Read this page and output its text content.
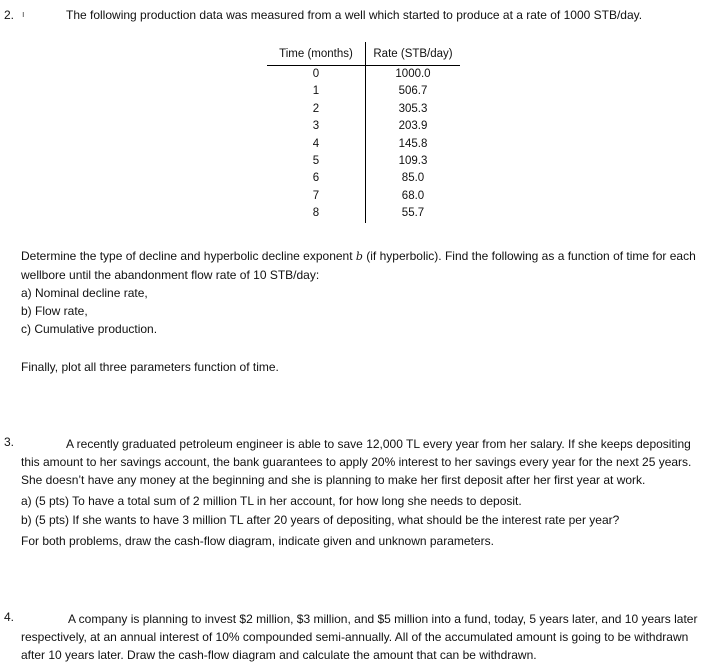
2. ı	The following production data was measured from a well which started to produce at a rate of 1000 STB/day.
Time (months)	Rate (STB/day)
0	1000.0
1	506.7
2	305.3
3	203.9
4	145.8
5	109.3
6	85.0
7	68.0
8	55.7
Determine the type of decline and hyperbolic decline exponent b (if hyperbolic). Find the following as a function of time for each
wellbore until the abandonment flow rate of 10 STB/day:
a) Nominal decline rate,
b) Flow rate,
c) Cumulative production.
Finally, plot all three parameters function of time.
3.	A recently graduated petroleum engineer is able to save 12,000 TL every year from her salary. If she keeps depositing
this amount to her savings account, the bank guarantees to apply 20% interest to her savings every year for the next 25 years.
She doesn’t have any money at the beginning and she is planning to make her first deposit after her first year at work.
a) (5 pts) To have a total sum of 2 million TL in her account, for how long she needs to deposit.
b) (5 pts) If she wants to have 3 million TL after 20 years of depositing, what should be the interest rate per year?
For both problems, draw the cash-flow diagram, indicate given and unknown parameters.
4.	A company is planning to invest $2 million, $3 million, and $5 million into a fund, today, 5 years later, and 10 years later
respectively, at an annual interest of 10% compounded semi-annually. All of the accumulated amount is going to be withdrawn
after 10 years later. Draw the cash-flow diagram and calculate the amount that can be withdrawn.
